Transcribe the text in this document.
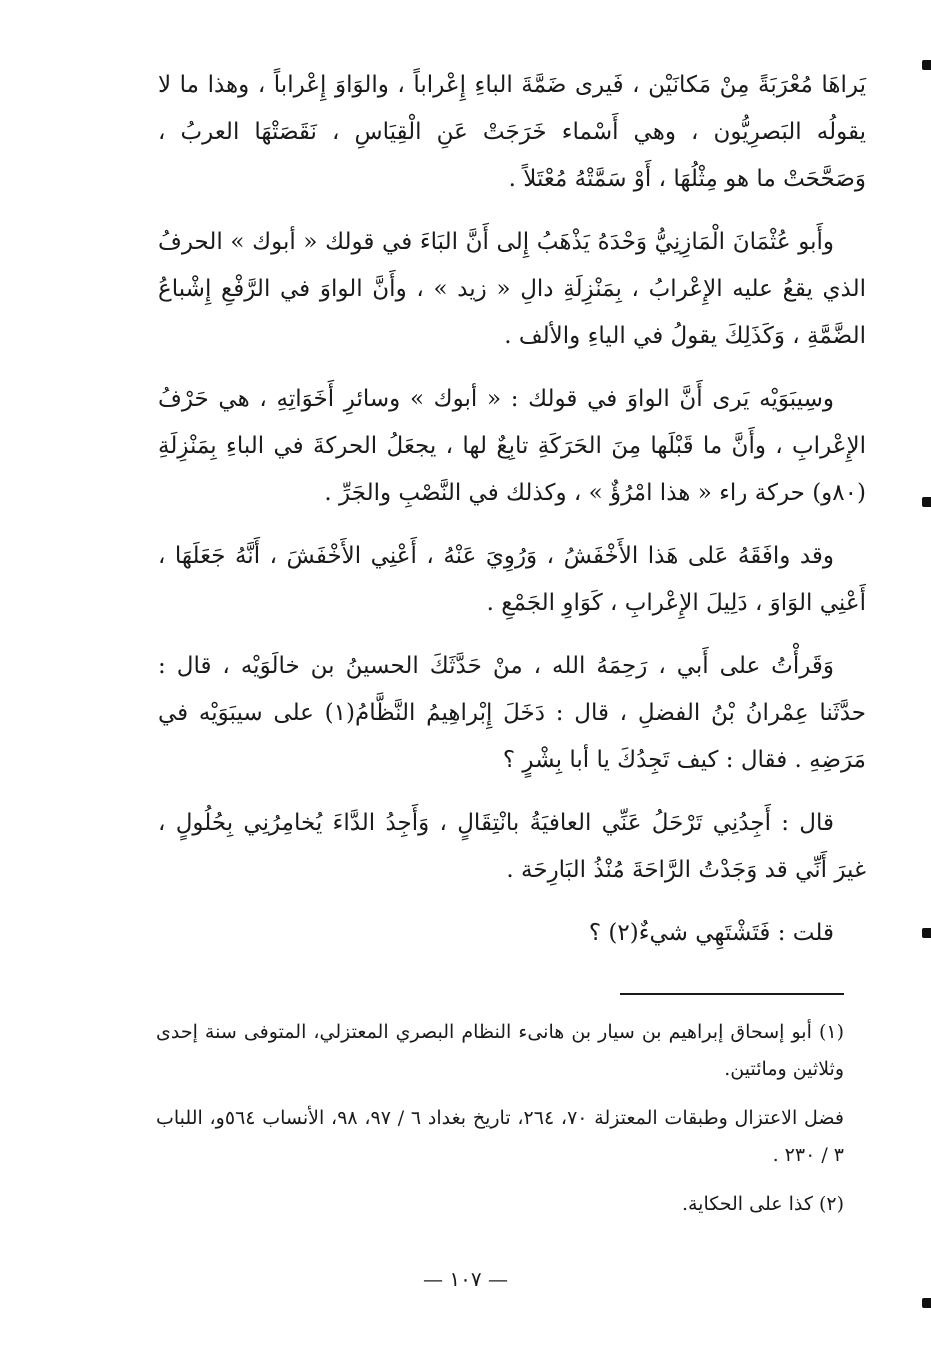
يَراهَا مُعْرَبَةً مِنْ مَكانَيْن ، فَيرى ضَمَّةَ الباءِ إِعْراباً ، والوَاوَ إِعْراباً ، وهذا ما لا يقولُه البَصرِيُّون ، وهي أَسْماء خَرَجَتْ عَنِ الْقِيَاسِ ، نَقَصَتْهَا العربُ ، وَصَحَّحَتْ ما هو مِثْلُهَا ، أَوْ سَمَّتْهُ مُعْتَلاً .

وأَبو عُثْمَانَ الْمَازِنِيُّ وَحْدَهُ يَذْهَبُ إِلى أَنَّ البَاءَ في قولك « أبوك » الحرفُ الذي يقعُ عليه الإِعْرابُ ، بِمَنْزِلَةِ دالِ « زيد » ، وأَنَّ الواوَ في الرَّفْعِ إِشْباعُ الضَّمَّةِ ، وَكَذَلِكَ يقولُ في الياءِ والألف .

وسِيبَوَيْه يَرى أَنَّ الواوَ في قولك : « أبوك » وسائرِ أَخَوَاتِهِ ، هي حَرْفُ الإِعْرابِ ، وأَنَّ ما قَبْلَها مِنَ الحَرَكَةِ تابِعٌ لها ، يجعَلُ الحركةَ في الباءِ بِمَنْزِلَةِ (٨٠و) حركة راء « هذا امْرُؤٌ » ، وكذلك في النَّصْبِ والجَرِّ .

وقد وافَقَهُ عَلى هَذا الأَخْفَشُ ، وَرُوِيَ عَنْهُ ، أَعْنِي الأَخْفَشَ ، أَنَّهُ جَعَلَهَا ، أَعْنِي الوَاوَ ، دَلِيلَ الإِعْرابِ ، كَوَاوِ الجَمْعِ .

وَقَرأْتُ على أَبي ، رَحِمَهُ الله ، منْ حَدَّثَكَ الحسينُ بن خالَوَيْه ، قال : حدَّثَنا عِمْرانُ بْنُ الفضلِ ، قال : دَخَلَ إِبْراهِيمُ النَّظَّامُ(١) على سيبَوَيْه في مَرَضِهِ . فقال : كيف تَجِدُكَ يا أبا بِشْرٍ ؟

قال : أَجِدُنِي تَرْحَلُ عَنِّي العافيَةُ بانْتِقَالٍ ، وَأَجِدُ الدَّاءَ يُخامِرُنِي بِحُلُولٍ ، غيرَ أَنِّي قد وَجَدْتُ الرَّاحَةَ مُنْذُ البَارِحَة .

قلت : فَتَشْتَهِي شيءٌ(٢) ؟

(١) أبو إسحاق إبراهيم بن سيار بن هانىء النظام البصري المعتزلي، المتوفى سنة إحدى وثلاثين ومائتين.

فضل الاعتزال وطبقات المعتزلة ٧٠، ٢٦٤، تاريخ بغداد ٦ / ٩٧، ٩٨، الأنساب ٥٦٤و، اللباب ٣ / ٢٣٠ .

(٢) كذا على الحكاية.

— ١٠٧ —
